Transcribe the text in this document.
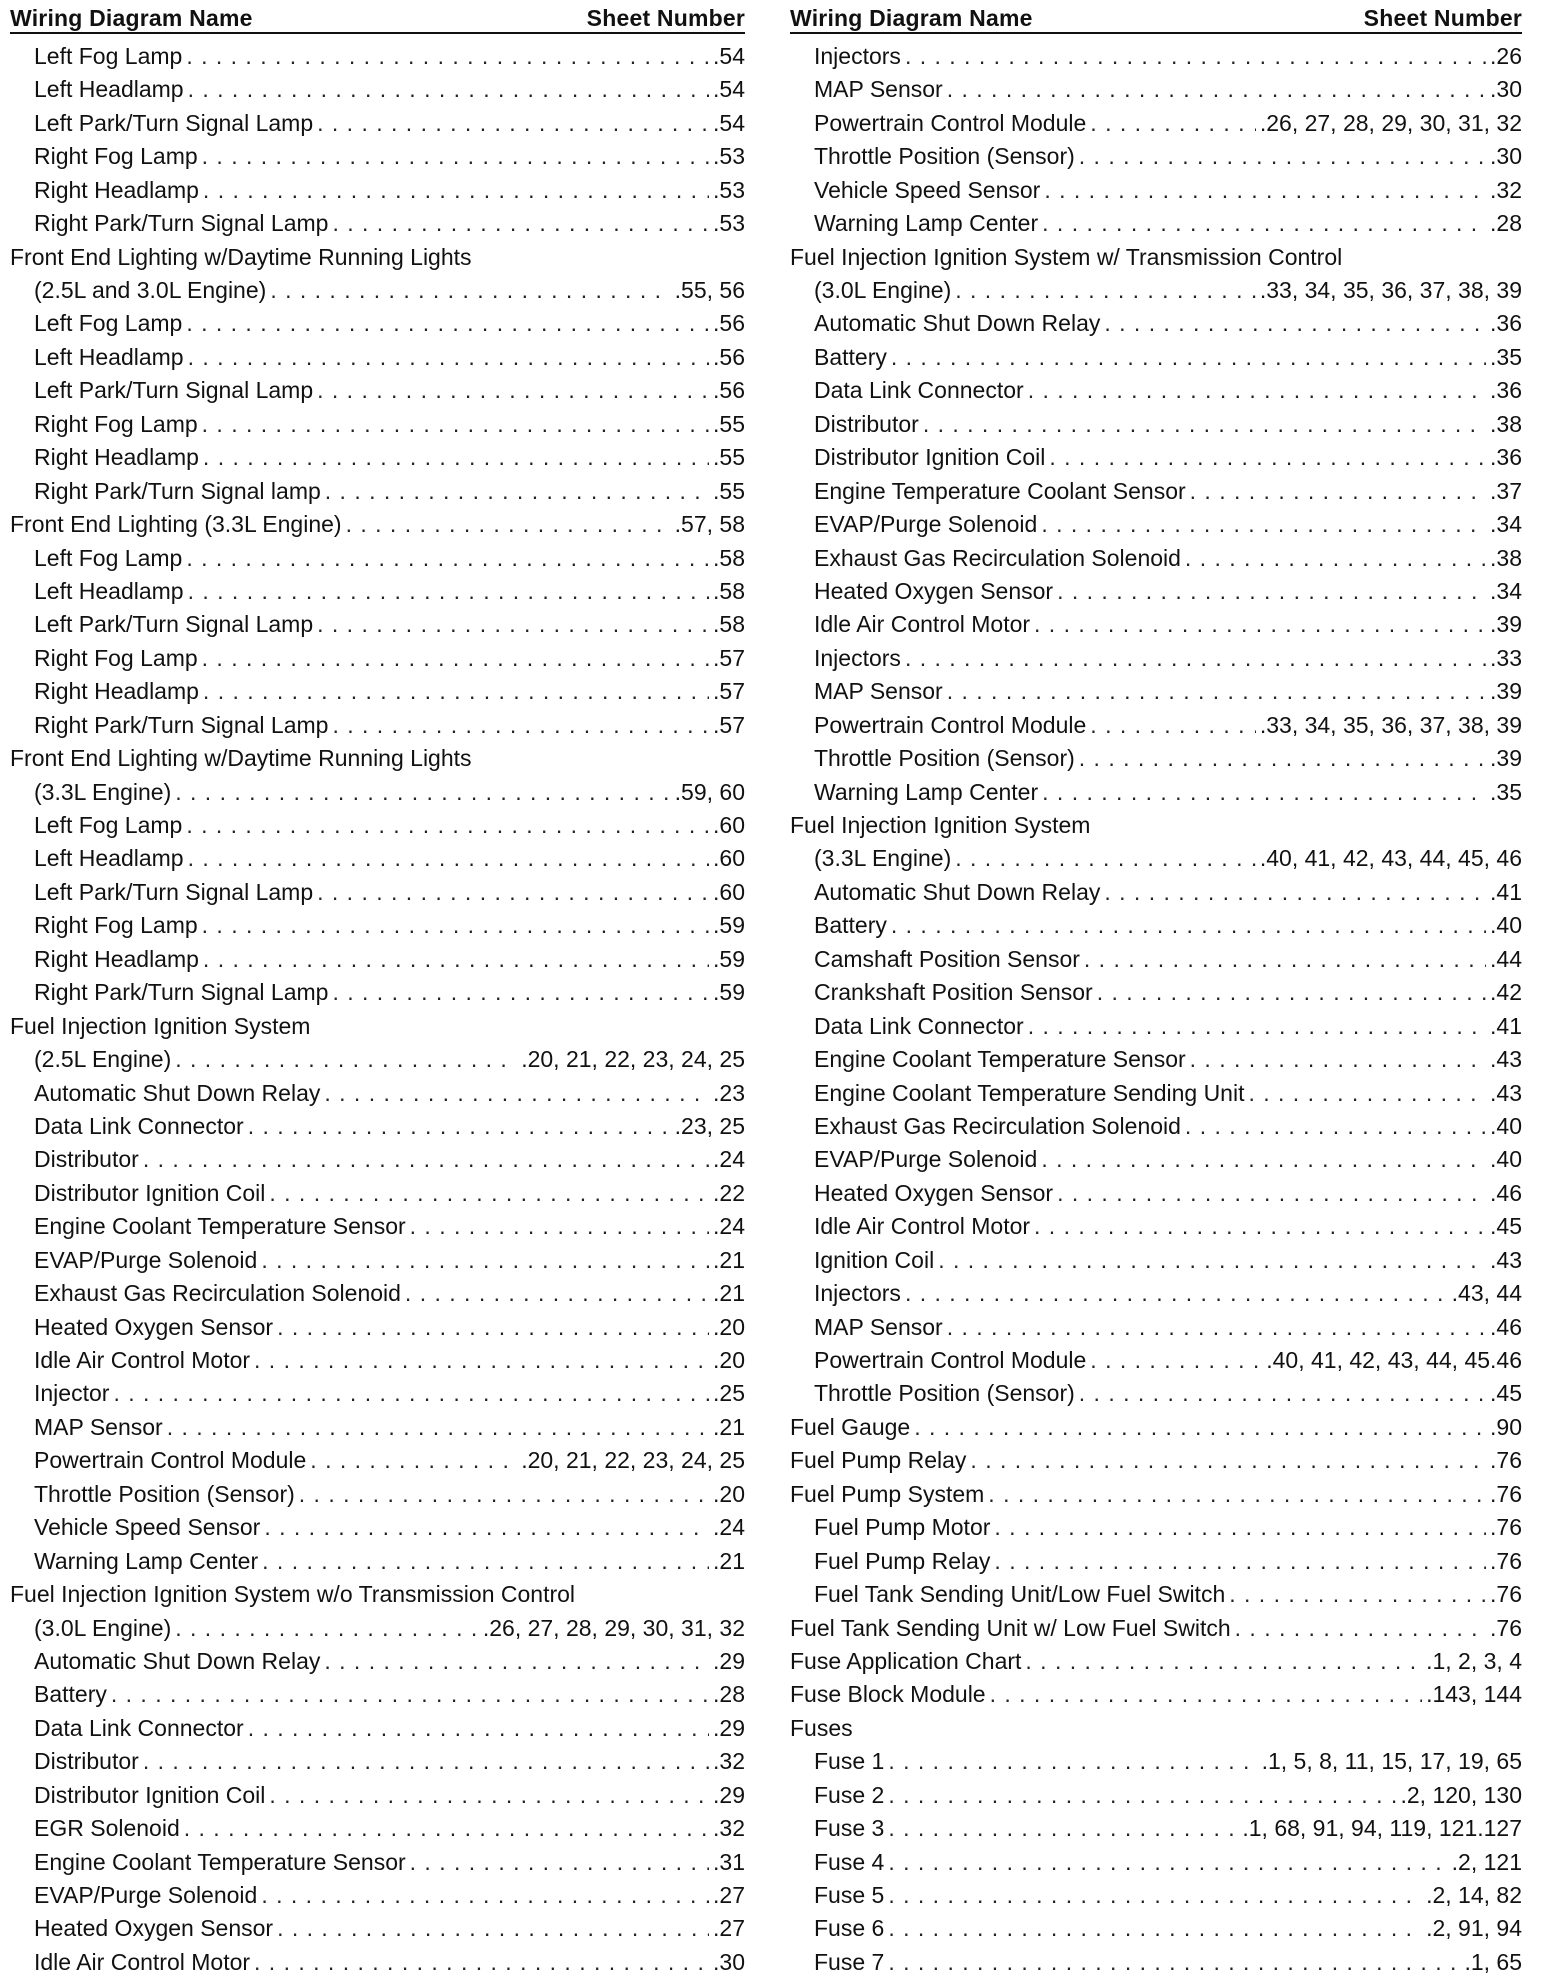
Wiring Diagram Name	Sheet Number
Left Fog Lamp . . .	.54
Left Headlamp . . .	.54
Left Park/Turn Signal Lamp . . .	.54
Right Fog Lamp . . .	.53
Right Headlamp . . .	.53
Right Park/Turn Signal Lamp . . .	.53
Front End Lighting w/Daytime Running Lights
(2.5L and 3.0L Engine) . . .	.55, 56
Left Fog Lamp . . .	.56
Left Headlamp . . .	.56
Left Park/Turn Signal Lamp . . .	.56
Right Fog Lamp . . .	.55
Right Headlamp . . .	.55
Right Park/Turn Signal lamp . . .	.55
Front End Lighting (3.3L Engine) . . .	.57, 58
Left Fog Lamp . . .	.58
Left Headlamp . . .	.58
Left Park/Turn Signal Lamp . . .	.58
Right Fog Lamp . . .	.57
Right Headlamp . . .	.57
Right Park/Turn Signal Lamp . . .	.57
Front End Lighting w/Daytime Running Lights
(3.3L Engine) . . .	.59, 60
Left Fog Lamp . . .	.60
Left Headlamp . . .	.60
Left Park/Turn Signal Lamp . . .	.60
Right Fog Lamp . . .	.59
Right Headlamp . . .	.59
Right Park/Turn Signal Lamp . . .	.59
Fuel Injection Ignition System
(2.5L Engine) . . .	.20, 21, 22, 23, 24, 25
Automatic Shut Down Relay . . .	.23
Data Link Connector . . .	.23, 25
Distributor . . .	.24
Distributor Ignition Coil . . .	.22
Engine Coolant Temperature Sensor . . .	.24
EVAP/Purge Solenoid . . .	.21
Exhaust Gas Recirculation Solenoid . . .	.21
Heated Oxygen Sensor . . .	.20
Idle Air Control Motor . . .	.20
Injector . . .	.25
MAP Sensor . . .	.21
Powertrain Control Module . . .	.20, 21, 22, 23, 24, 25
Throttle Position (Sensor) . . .	.20
Vehicle Speed Sensor . . .	.24
Warning Lamp Center . . .	.21
Fuel Injection Ignition System w/o Transmission Control
(3.0L Engine) . . .	.26, 27, 28, 29, 30, 31, 32
Automatic Shut Down Relay . . .	.29
Battery . . .	.28
Data Link Connector . . .	.29
Distributor . . .	.32
Distributor Ignition Coil . . .	.29
EGR Solenoid . . .	.32
Engine Coolant Temperature Sensor . . .	.31
EVAP/Purge Solenoid . . .	.27
Heated Oxygen Sensor . . .	.27
Idle Air Control Motor . . .	.30
Wiring Diagram Name	Sheet Number
Injectors . . .	.26
MAP Sensor . . .	.30
Powertrain Control Module . . .	.26, 27, 28, 29, 30, 31, 32
Throttle Position (Sensor) . . .	.30
Vehicle Speed Sensor . . .	.32
Warning Lamp Center . . .	.28
Fuel Injection Ignition System w/ Transmission Control
(3.0L Engine) . . .	.33, 34, 35, 36, 37, 38, 39
Automatic Shut Down Relay . . .	.36
Battery . . .	.35
Data Link Connector . . .	.36
Distributor . . .	.38
Distributor Ignition Coil . . .	.36
Engine Temperature Coolant Sensor . . .	.37
EVAP/Purge Solenoid . . .	.34
Exhaust Gas Recirculation Solenoid . . .	.38
Heated Oxygen Sensor . . .	.34
Idle Air Control Motor . . .	.39
Injectors . . .	.33
MAP Sensor . . .	.39
Powertrain Control Module . . .	.33, 34, 35, 36, 37, 38, 39
Throttle Position (Sensor) . . .	.39
Warning Lamp Center . . .	.35
Fuel Injection Ignition System
(3.3L Engine) . . .	.40, 41, 42, 43, 44, 45, 46
Automatic Shut Down Relay . . .	.41
Battery . . .	.40
Camshaft Position Sensor . . .	.44
Crankshaft Position Sensor . . .	.42
Data Link Connector . . .	.41
Engine Coolant Temperature Sensor . . .	.43
Engine Coolant Temperature Sending Unit . . .	.43
Exhaust Gas Recirculation Solenoid . . .	.40
EVAP/Purge Solenoid . . .	.40
Heated Oxygen Sensor . . .	.46
Idle Air Control Motor . . .	.45
Ignition Coil . . .	.43
Injectors . . .	.43, 44
MAP Sensor . . .	.46
Powertrain Control Module . . .	.40, 41, 42, 43, 44, 45.46
Throttle Position (Sensor) . . .	.45
Fuel Gauge . . .	.90
Fuel Pump Relay . . .	.76
Fuel Pump System . . .	.76
Fuel Pump Motor . . .	.76
Fuel Pump Relay . . .	.76
Fuel Tank Sending Unit/Low Fuel Switch . . .	.76
Fuel Tank Sending Unit w/ Low Fuel Switch . . .	.76
Fuse Application Chart . . .	.1, 2, 3, 4
Fuse Block Module . . .	.143, 144
Fuses
Fuse 1 . . .	.1, 5, 8, 11, 15, 17, 19, 65
Fuse 2 . . .	.2, 120, 130
Fuse 3 . . .	.1, 68, 91, 94, 119, 121.127
Fuse 4 . . .	.2, 121
Fuse 5 . . .	.2, 14, 82
Fuse 6 . . .	.2, 91, 94
Fuse 7 . . .	.1, 65
